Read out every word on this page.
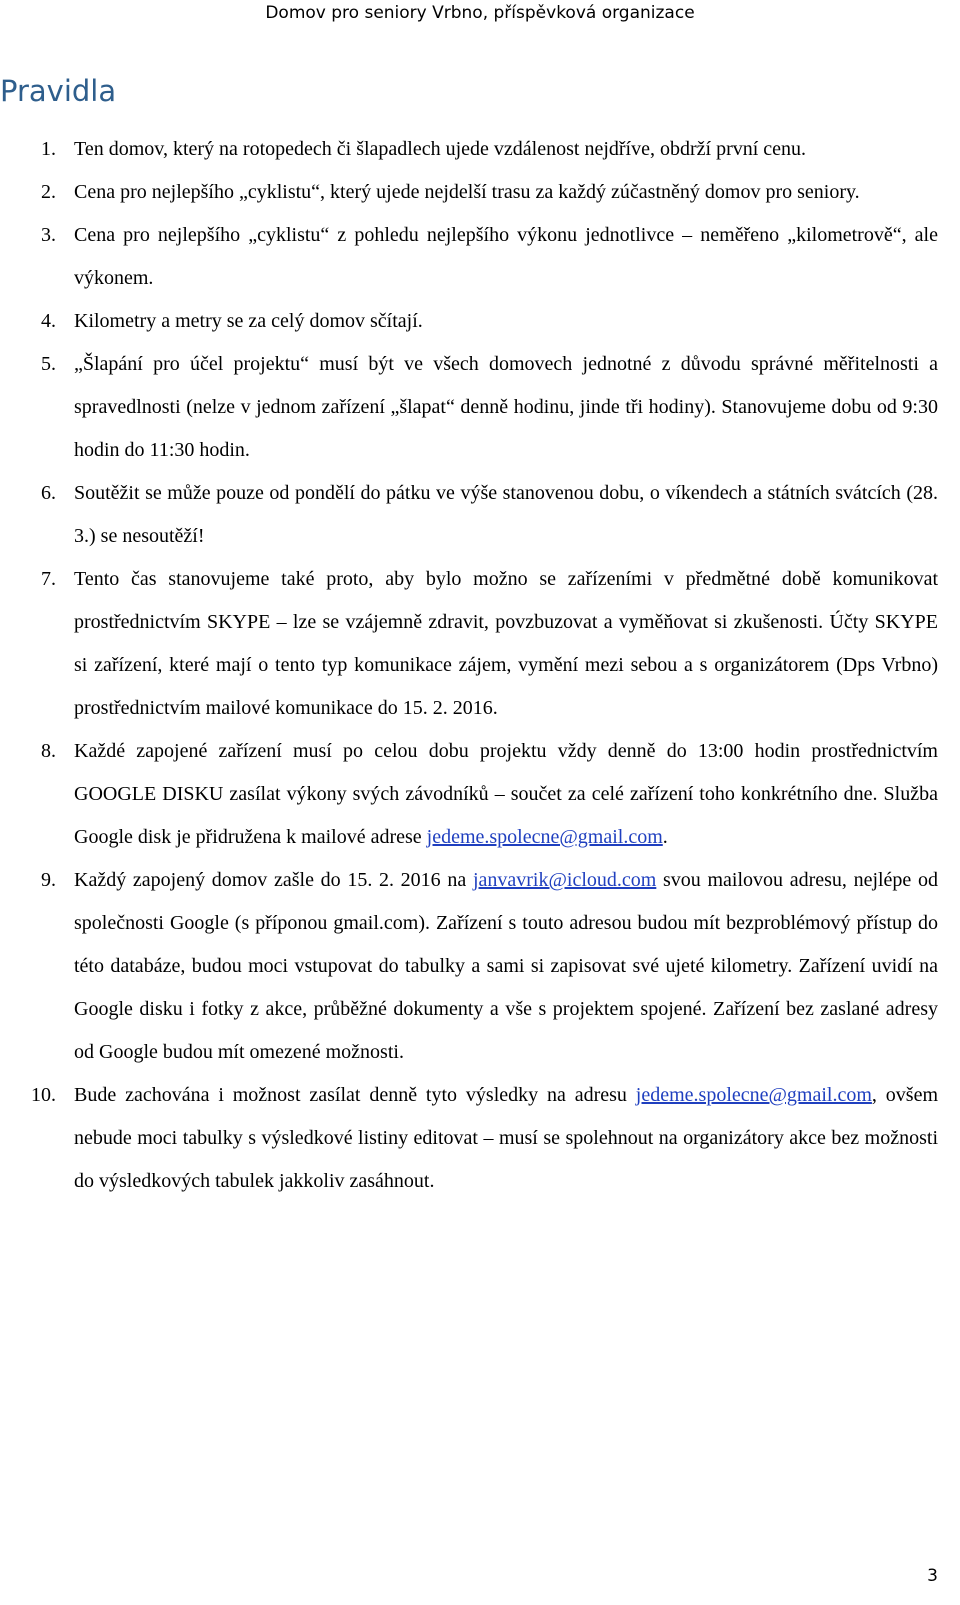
Domov pro seniory Vrbno, příspěvková organizace
Pravidla
1. Ten domov, který na rotopedech či šlapadlech ujede vzdálenost nejdříve, obdrží první cenu.
2. Cena pro nejlepšího „cyklistu“, který ujede nejdelší trasu za každý zúčastněný domov pro seniory.
3. Cena pro nejlepšího „cyklistu“ z pohledu nejlepšího výkonu jednotlivce – neměřeno „kilometrově“, ale výkonem.
4. Kilometry a metry se za celý domov sčítají.
5. „Šlapání pro účel projektu“ musí být ve všech domovech jednotné z důvodu správné měřitelnosti a spravedlnosti (nelze v jednom zařízení „šlapat“ denně hodinu, jinde tři hodiny). Stanovujeme dobu od 9:30 hodin do 11:30 hodin.
6. Soutěžit se může pouze od pondělí do pátku ve výše stanovenou dobu, o víkendech a státních svátcích (28. 3.) se nesoutěží!
7. Tento čas stanovujeme také proto, aby bylo možno se zařízeními v předmětné době komunikovat prostřednictvím SKYPE – lze se vzájemně zdravit, povzbuzovat a vyměňovat si zkušenosti. Účty SKYPE si zařízení, které mají o tento typ komunikace zájem, vymění mezi sebou a s organizátorem (Dps Vrbno) prostřednictvím mailové komunikace do 15. 2. 2016.
8. Každé zapojené zařízení musí po celou dobu projektu vždy denně do 13:00 hodin prostřednictvím GOOGLE DISKU zasílat výkony svých závodníků – součet za celé zařízení toho konkrétního dne. Služba Google disk je přidružena k mailové adrese jedeme.spolecne@gmail.com.
9. Každý zapojený domov zašle do 15. 2. 2016 na janvavrik@icloud.com svou mailovou adresu, nejlépe od společnosti Google (s příponou gmail.com). Zařízení s touto adresou budou mít bezproblémový přístup do této databáze, budou moci vstupovat do tabulky a sami si zapisovat své ujeté kilometry. Zařízení uvidí na Google disku i fotky z akce, průběžné dokumenty a vše s projektem spojené. Zařízení bez zaslané adresy od Google budou mít omezené možnosti.
10. Bude zachována i možnost zasílat denně tyto výsledky na adresu jedeme.spolecne@gmail.com, ovšem nebude moci tabulky s výsledkové listiny editovat – musí se spolehnout na organizátory akce bez možnosti do výsledkových tabulek jakkoliv zasáhnout.
3
